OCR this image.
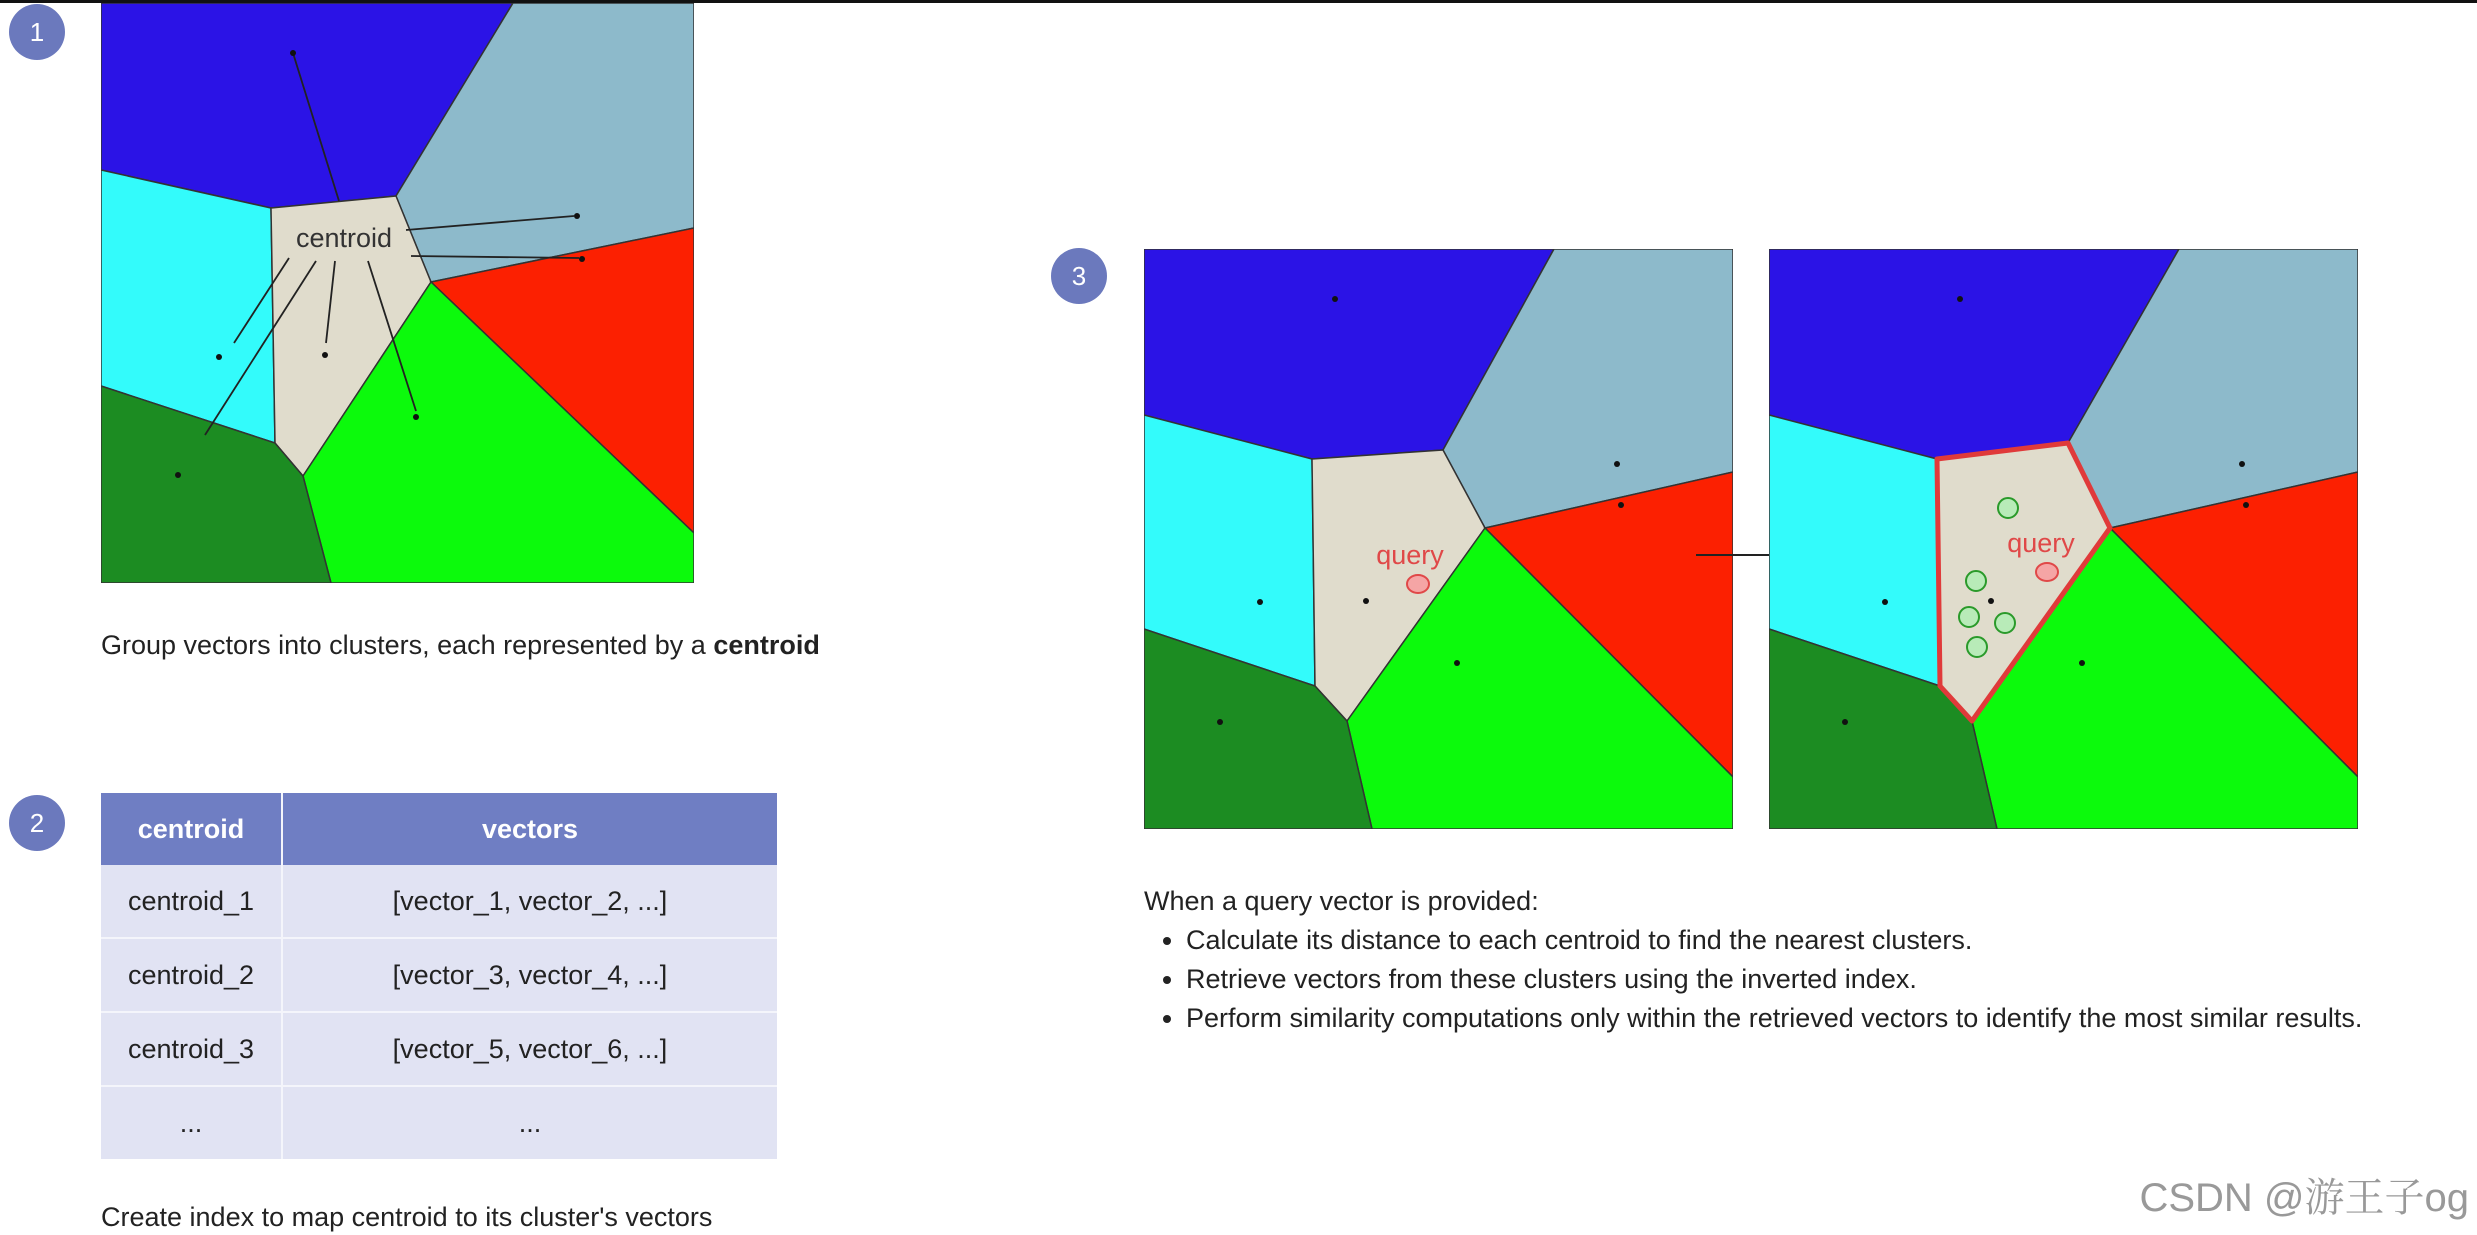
1
centroid
Group vectors into clusters, each represented by a centroid
2	centroid	vectors
centroid_1	[vector_1, vector_2, ...]
centroid_2	[vector_3, vector_4, ...]
centroid_3	[vector_5, vector_6, ...]
...	...
Create index to map centroid to its cluster's vectors
3
query	query
When a query vector is provided:
• Calculate its distance to each centroid to find the nearest clusters.
• Retrieve vectors from these clusters using the inverted index.
• Perform similarity computations only within the retrieved vectors to identify the most similar results.
CSDN @游王子og
